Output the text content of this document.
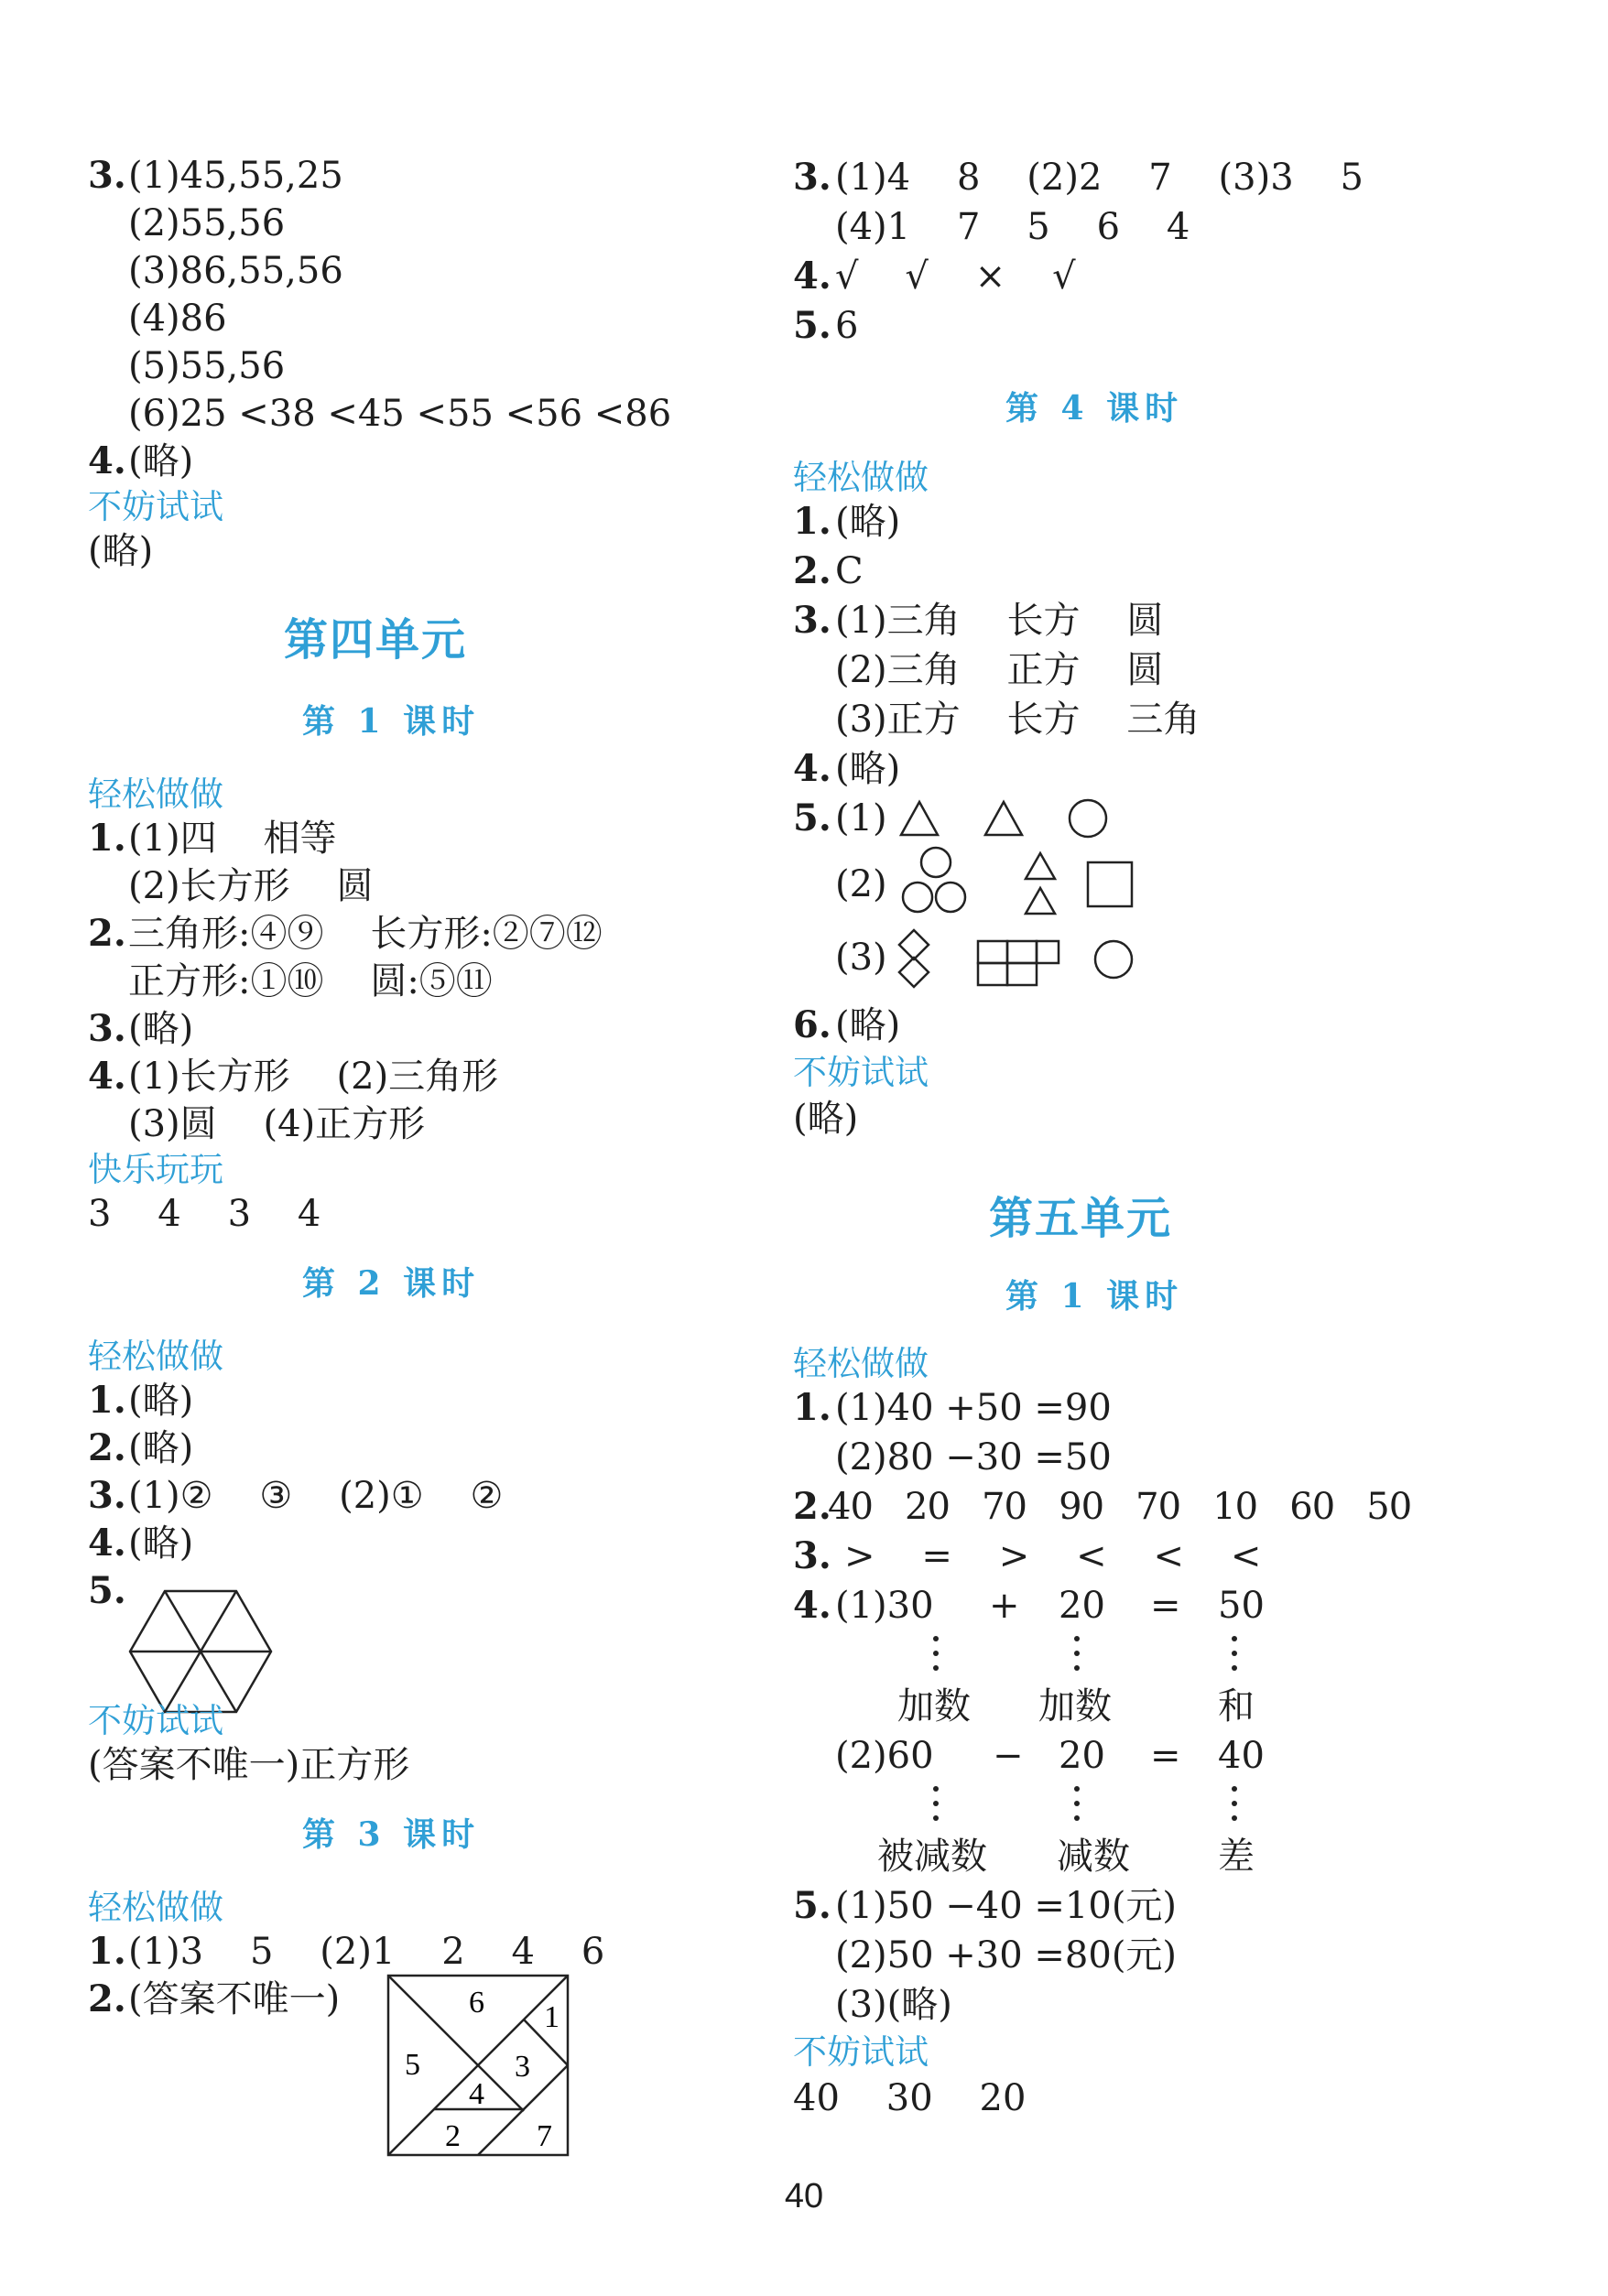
3. (1)45,55,25
(2)55,56
(3)86,55,56
(4)86
(5)55,56
(6)25 <38 <45 <55 <56 <86
4. (略)
不妨试试
(略)
第四单元
第 1 课时
轻松做做
1. (1)四    相等
(2)长方形    圆
2. 三角形:④⑨    长方形:②⑦⑫
正方形:①⑩    圆:⑤⑪
3. (略)
4. (1)长方形    (2)三角形
(3)圆    (4)正方形
快乐玩玩
3    4    3    4
第 2 课时
轻松做做
1. (略)
2. (略)
3. (1)②    ③    (2)①    ②
4. (略)
5.
不妨试试
(答案不唯一)正方形
第 3 课时
轻松做做
1. (1)3    5    (2)1    2    4    6
2. (答案不唯一)	6 1
5	3
4
2 7
3. (1)4    8    (2)2    7    (3)3    5
(4)1    7    5    6    4
4. √    √    ×    √
5. 6
第 4 课时
轻松做做
1. (略)
2. C
3. (1)三角    长方    圆
(2)三角    正方    圆
(3)正方    长方    三角
4. (略)
5. (1)
(2)
(3)
6. (略)
不妨试试
(略)
第五单元
第 1 课时
轻松做做
1. (1)40 +50 =90
(2)80 −30 =50
2.
40   20   70   90   70   10   60   50
3. >    =    >    <    <    <
4. (1)30 + 20 = 50
加数 加数	和
(2)60 − 20 = 40
被减数 减数 差
5. (1)50 −40 =10(元)
(2)50 +30 =80(元)
(3)(略)
不妨试试
40    30    20
40
